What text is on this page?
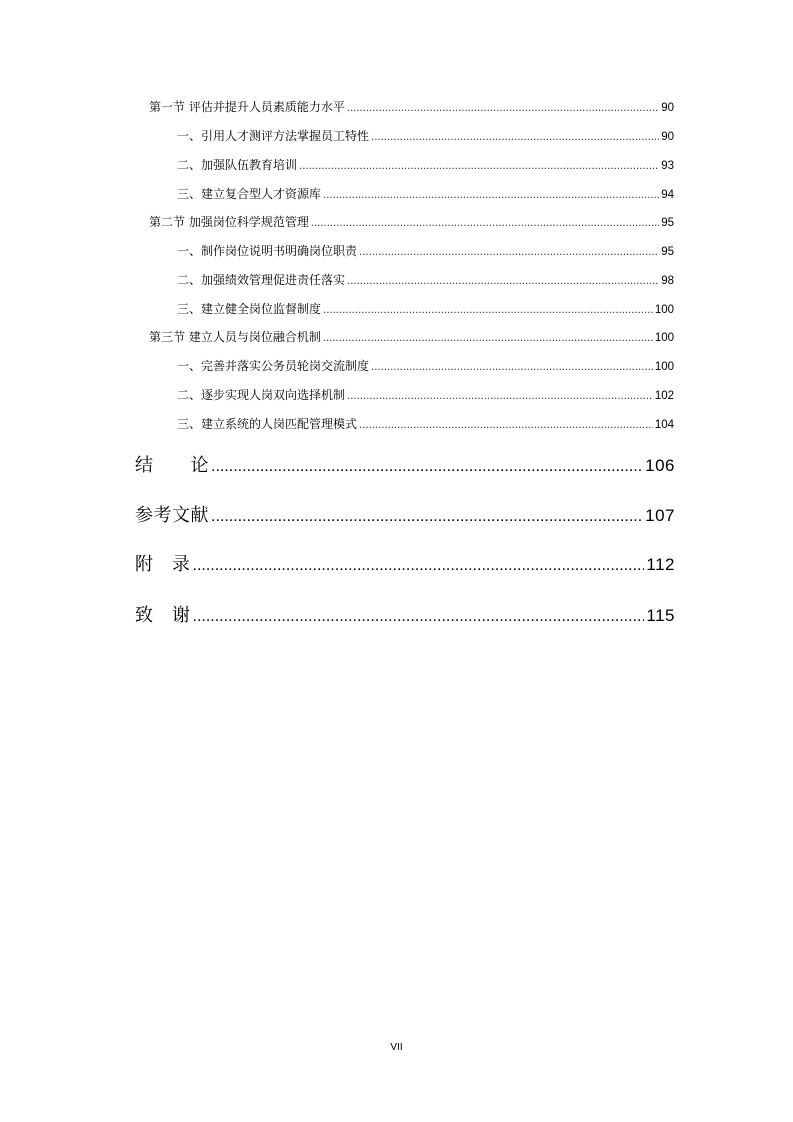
第一节 评估并提升人员素质能力水平 .....	90
一、 引用人才测评方法掌握员工特性 .....	90
二、 加强队伍教育培训 .....	93
三、 建立复合型人才资源库 .....	94
第二节 加强岗位科学规范管理 .....	95
一、 制作岗位说明书明确岗位职责 .....	95
二、 加强绩效管理促进责任落实 .....	98
三、 建立健全岗位监督制度 .....	100
第三节 建立人员与岗位融合机制 .....	100
一、 完善并落实公务员轮岗交流制度 .....	100
二、 逐步实现人岗双向选择机制 .....	102
三、 建立系统的人岗匹配管理模式 .....	104
结　　论 .....	106
参考文献 .....	107
附　录 .....	112
致　谢 .....	115
VII
